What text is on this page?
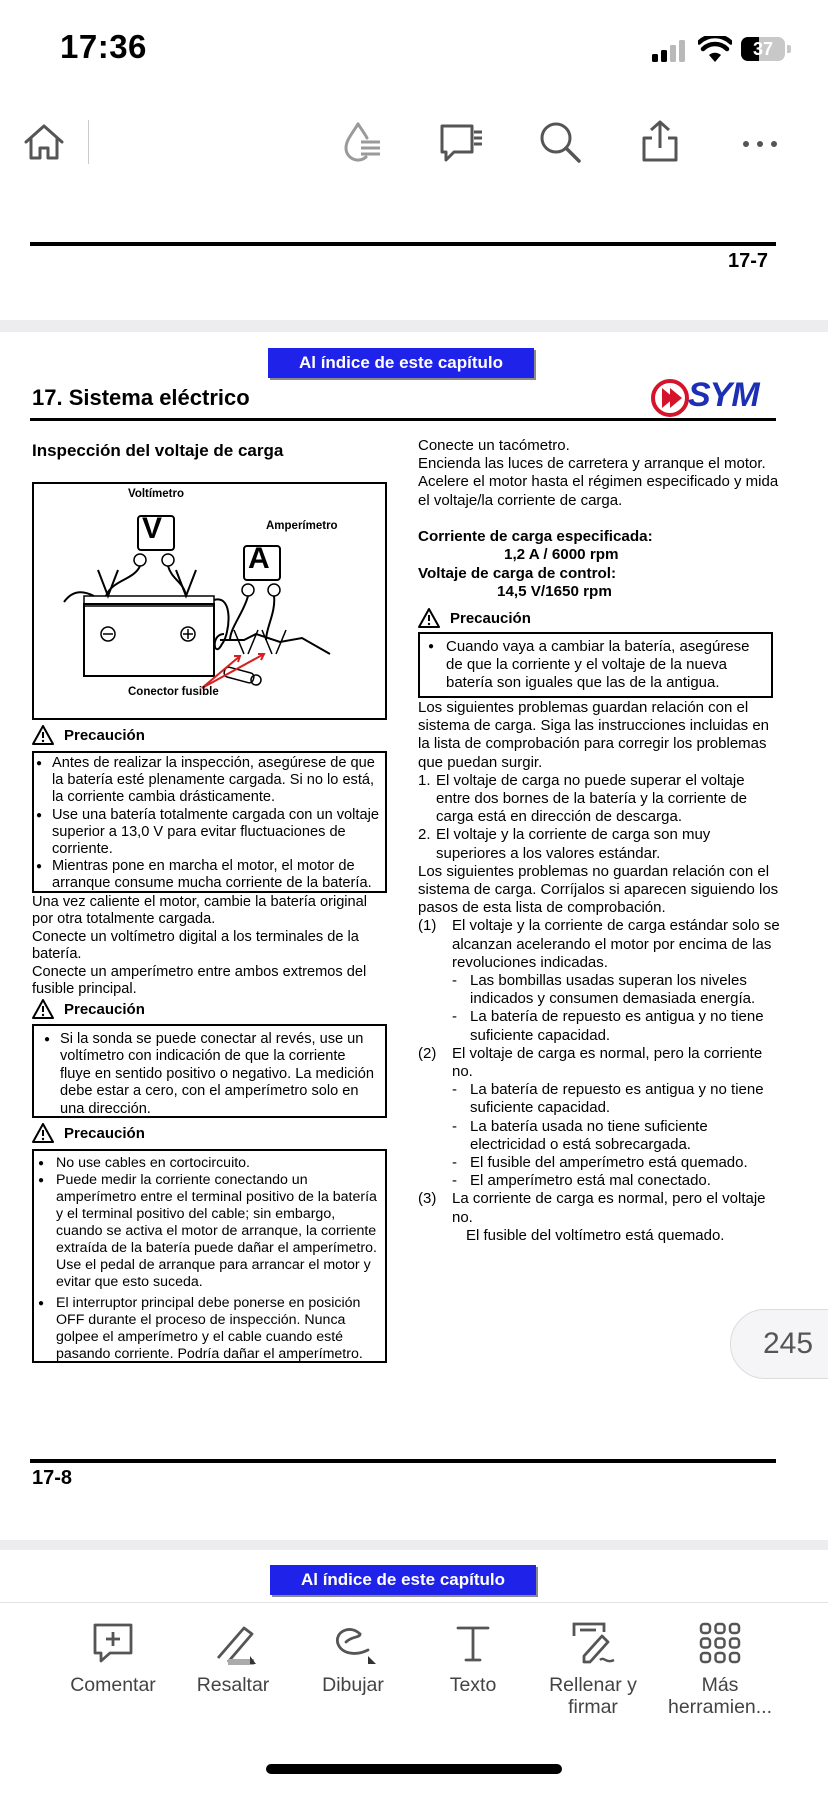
17:36	37
17-7
Al índice de este capítulo
17. Sistema eléctrico	SYM
Inspección del voltaje de carga
Voltímetro
V	Amperímetro
A
Conector fusible
Precaución
● Antes de realizar la inspección, asegúrese de que la batería esté plenamente cargada. Si no lo está, la corriente cambia drásticamente.
● Use una batería totalmente cargada con un voltaje superior a 13,0 V para evitar fluctuaciones de corriente.
● Mientras pone en marcha el motor, el motor de arranque consume mucha corriente de la batería.
Una vez caliente el motor, cambie la batería original por otra totalmente cargada.
Conecte un voltímetro digital a los terminales de la batería.
Conecte un amperímetro entre ambos extremos del fusible principal.
Precaución
● Si la sonda se puede conectar al revés, use un voltímetro con indicación de que la corriente fluye en sentido positivo o negativo. La medición debe estar a cero, con el amperímetro solo en una dirección.
Precaución
● No use cables en cortocircuito.
● Puede medir la corriente conectando un amperímetro entre el terminal positivo de la batería y el terminal positivo del cable; sin embargo, cuando se activa el motor de arranque, la corriente extraída de la batería puede dañar el amperímetro. Use el pedal de arranque para arrancar el motor y evitar que esto suceda.
● El interruptor principal debe ponerse en posición OFF durante el proceso de inspección. Nunca golpee el amperímetro y el cable cuando esté pasando corriente. Podría dañar el amperímetro.
Conecte un tacómetro.
Encienda las luces de carretera y arranque el motor.
Acelere el motor hasta el régimen especificado y mida el voltaje/la corriente de carga.
Corriente de carga especificada:
1,2 A / 6000 rpm
Voltaje de carga de control:
14,5 V/1650 rpm
Precaución
● Cuando vaya a cambiar la batería, asegúrese de que la corriente y el voltaje de la nueva batería son iguales que las de la antigua.
Los siguientes problemas guardan relación con el sistema de carga. Siga las instrucciones incluidas en la lista de comprobación para corregir los problemas que puedan surgir.
1. El voltaje de carga no puede superar el voltaje entre dos bornes de la batería y la corriente de carga está en dirección de descarga.
2. El voltaje y la corriente de carga son muy superiores a los valores estándar.
Los siguientes problemas no guardan relación con el sistema de carga. Corríjalos si aparecen siguiendo los pasos de esta lista de comprobación.
(1)	El voltaje y la corriente de carga estándar solo se alcanzan acelerando el motor por encima de las revoluciones indicadas.
- Las bombillas usadas superan los niveles indicados y consumen demasiada energía.
- La batería de repuesto es antigua y no tiene suficiente capacidad.
(2)	El voltaje de carga es normal, pero la corriente no.
- La batería de repuesto es antigua y no tiene suficiente capacidad.
- La batería usada no tiene suficiente electricidad o está sobrecargada.
- El fusible del amperímetro está quemado.
- El amperímetro está mal conectado.
(3)	La corriente de carga es normal, pero el voltaje no.
El fusible del voltímetro está quemado.
245
17-8
Al índice de este capítulo
Comentar	Resaltar	Dibujar	Texto	Rellenar y firmar
Más herramien...
